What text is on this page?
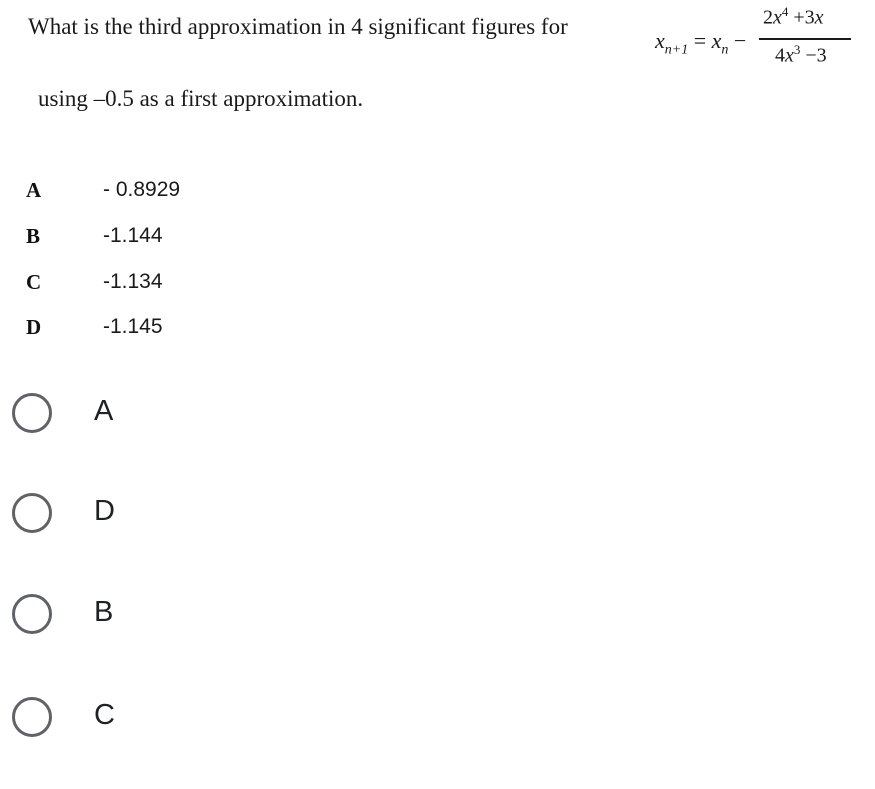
What is the third approximation in 4 significant figures for
$x_{n+1} = x_n$ −
$2x^4 +3x$
$4x^3 -3$
using –0.5 as a first approximation.
A	- 0.8929
B	-1.144
C	-1.134
D	-1.145
A
D
B
C
